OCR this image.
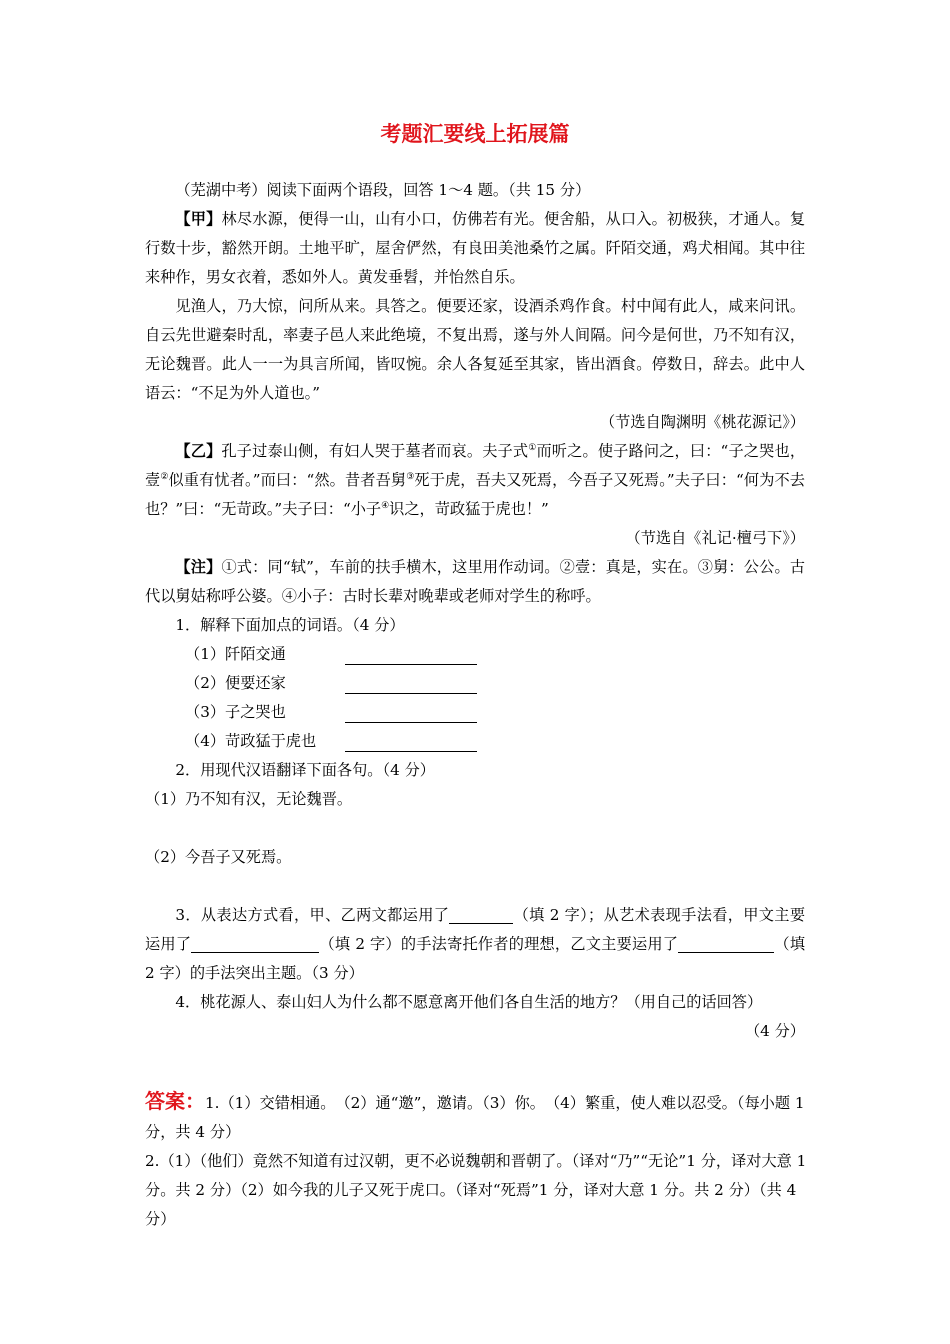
考题汇要线上拓展篇

（芜湖中考）阅读下面两个语段，回答 1～4 题。（共 15 分）

【甲】林尽水源，便得一山，山有小口，仿佛若有光。便舍船，从口入。初极狭，才通人。复行数十步，豁然开朗。土地平旷，屋舍俨然，有良田美池桑竹之属。阡陌交通，鸡犬相闻。其中往来种作，男女衣着，悉如外人。黄发垂髫，并怡然自乐。

见渔人，乃大惊，问所从来。具答之。便要还家，设酒杀鸡作食。村中闻有此人，咸来问讯。自云先世避秦时乱，率妻子邑人来此绝境，不复出焉，遂与外人间隔。问今是何世，乃不知有汉，无论魏晋。此人一一为具言所闻，皆叹惋。余人各复延至其家，皆出酒食。停数日，辞去。此中人语云：“不足为外人道也。”

（节选自陶渊明《桃花源记》）

【乙】孔子过泰山侧，有妇人哭于墓者而哀。夫子式①而听之。使子路问之，曰：“子之哭也，壹②似重有忧者。”而曰：“然。昔者吾舅③死于虎，吾夫又死焉，今吾子又死焉。”夫子曰：“何为不去也？”曰：“无苛政。”夫子曰：“小子④识之，苛政猛于虎也！”

（节选自《礼记·檀弓下》）

【注】①式：同“轼”，车前的扶手横木，这里用作动词。②壹：真是，实在。③舅：公公。古代以舅姑称呼公婆。④小子：古时长辈对晚辈或老师对学生的称呼。

1．解释下面加点的词语。（4 分）

（1）阡陌交通
（2）便要还家
（3）子之哭也
（4）苛政猛于虎也

2．用现代汉语翻译下面各句。（4 分）

（1）乃不知有汉，无论魏晋。

（2）今吾子又死焉。

3．从表达方式看，甲、乙两文都运用了	（填 2 字）；从艺术表现手法看，甲文主要运用了	（填 2 字）的手法寄托作者的理想，乙文主要运用了	（填 2 字）的手法突出主题。（3 分）

4．桃花源人、泰山妇人为什么都不愿意离开他们各自生活的地方？（用自己的话回答）

（4 分）

答案：1.（1）交错相通。　（2）通“邀”，邀请。（3）你。　（4）繁重，使人难以忍受。（每小题 1 分，共 4 分）

2.（1）（他们）竟然不知道有过汉朝，更不必说魏朝和晋朝了。（译对“乃”“无论”1 分，译对大意 1 分。共 2 分）（2）如今我的儿子又死于虎口。（译对“死焉”1 分，译对大意 1 分。共 2 分）（共 4 分）
